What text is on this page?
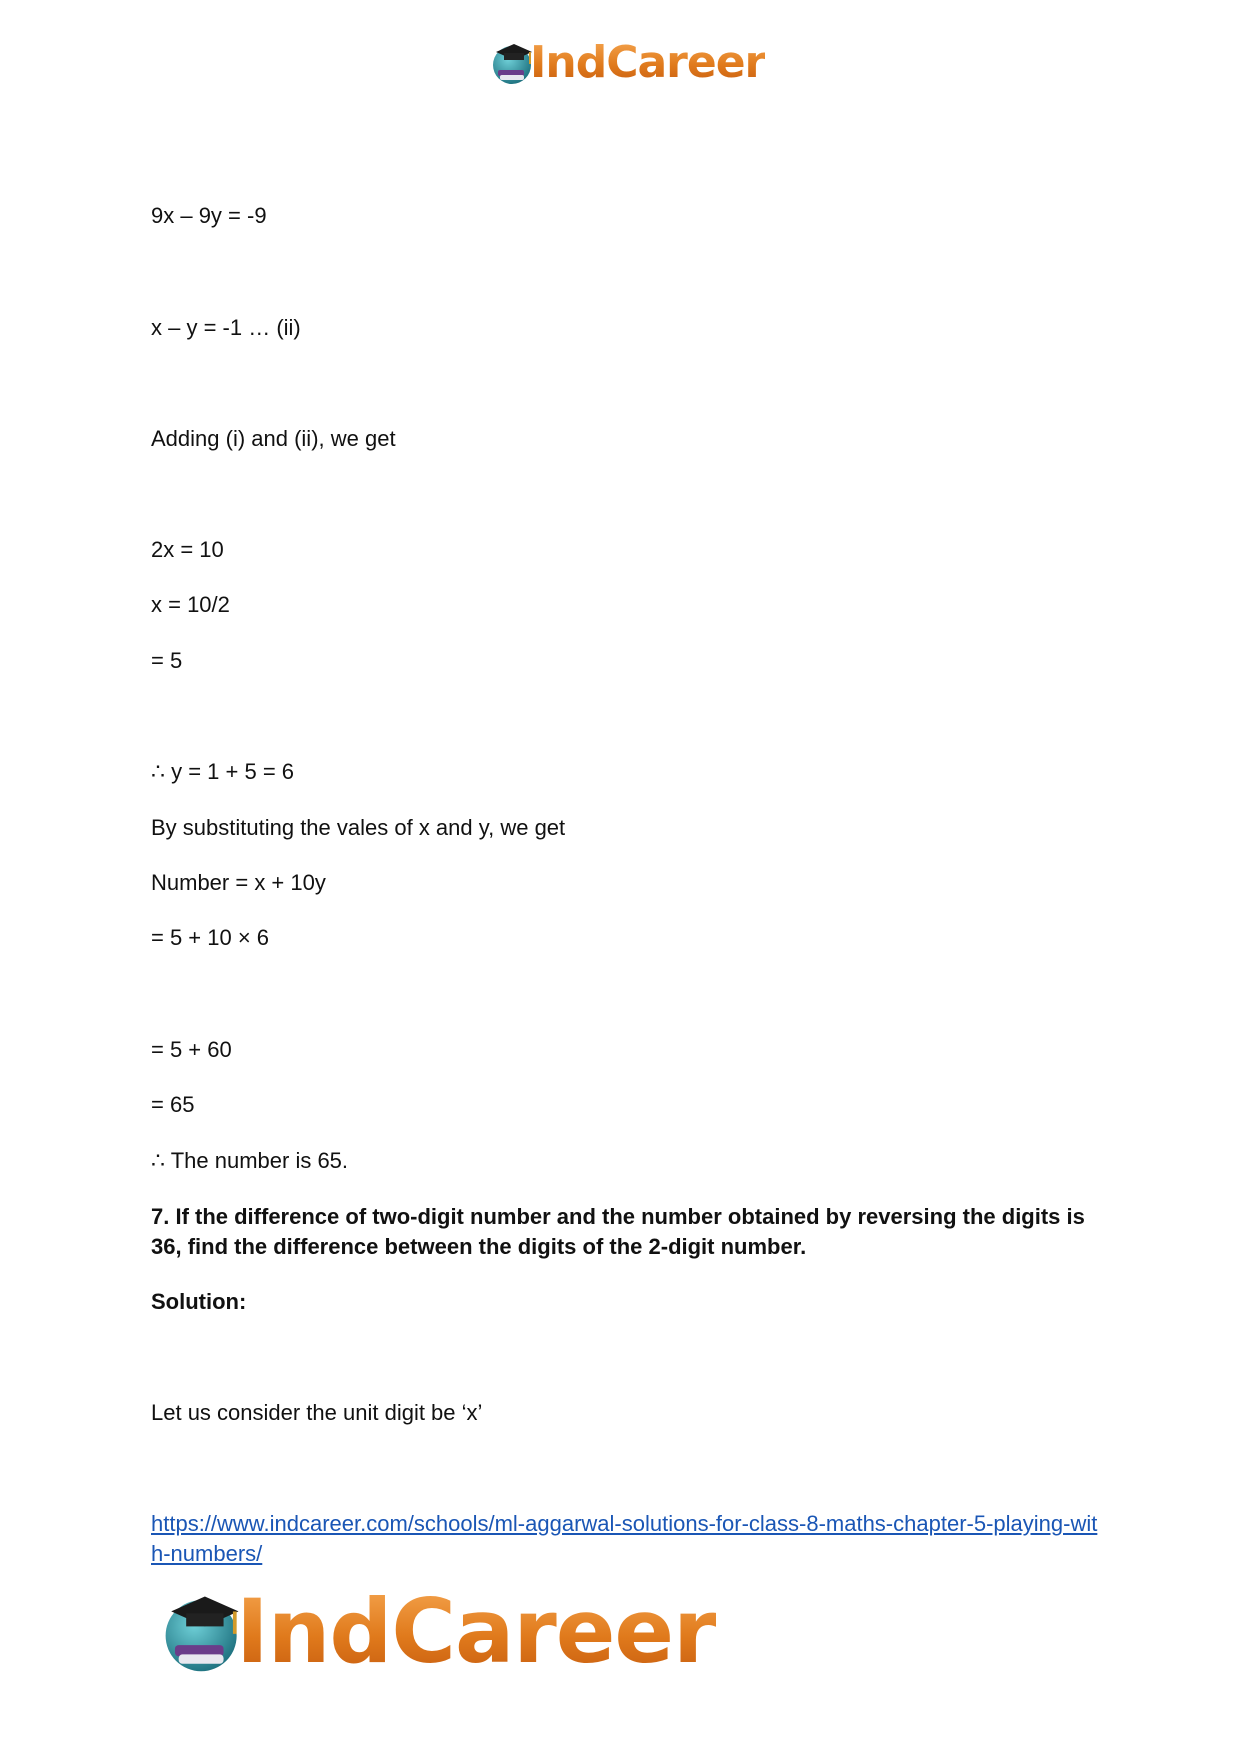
IndCareer
9x – 9y = -9
x – y = -1 … (ii)
Adding (i) and (ii), we get
2x = 10
x = 10/2
= 5
∴ y = 1 + 5 = 6
By substituting the vales of x and y, we get
Number = x + 10y
= 5 + 10 × 6
= 5 + 60
= 65
∴ The number is 65.
7. If the difference of two-digit number and the number obtained by reversing the digits is 36, find the difference between the digits of the 2-digit number.
Solution:
Let us consider the unit digit be ‘x’
https://www.indcareer.com/schools/ml-aggarwal-solutions-for-class-8-maths-chapter-5-playing-with-numbers/
IndCareer
